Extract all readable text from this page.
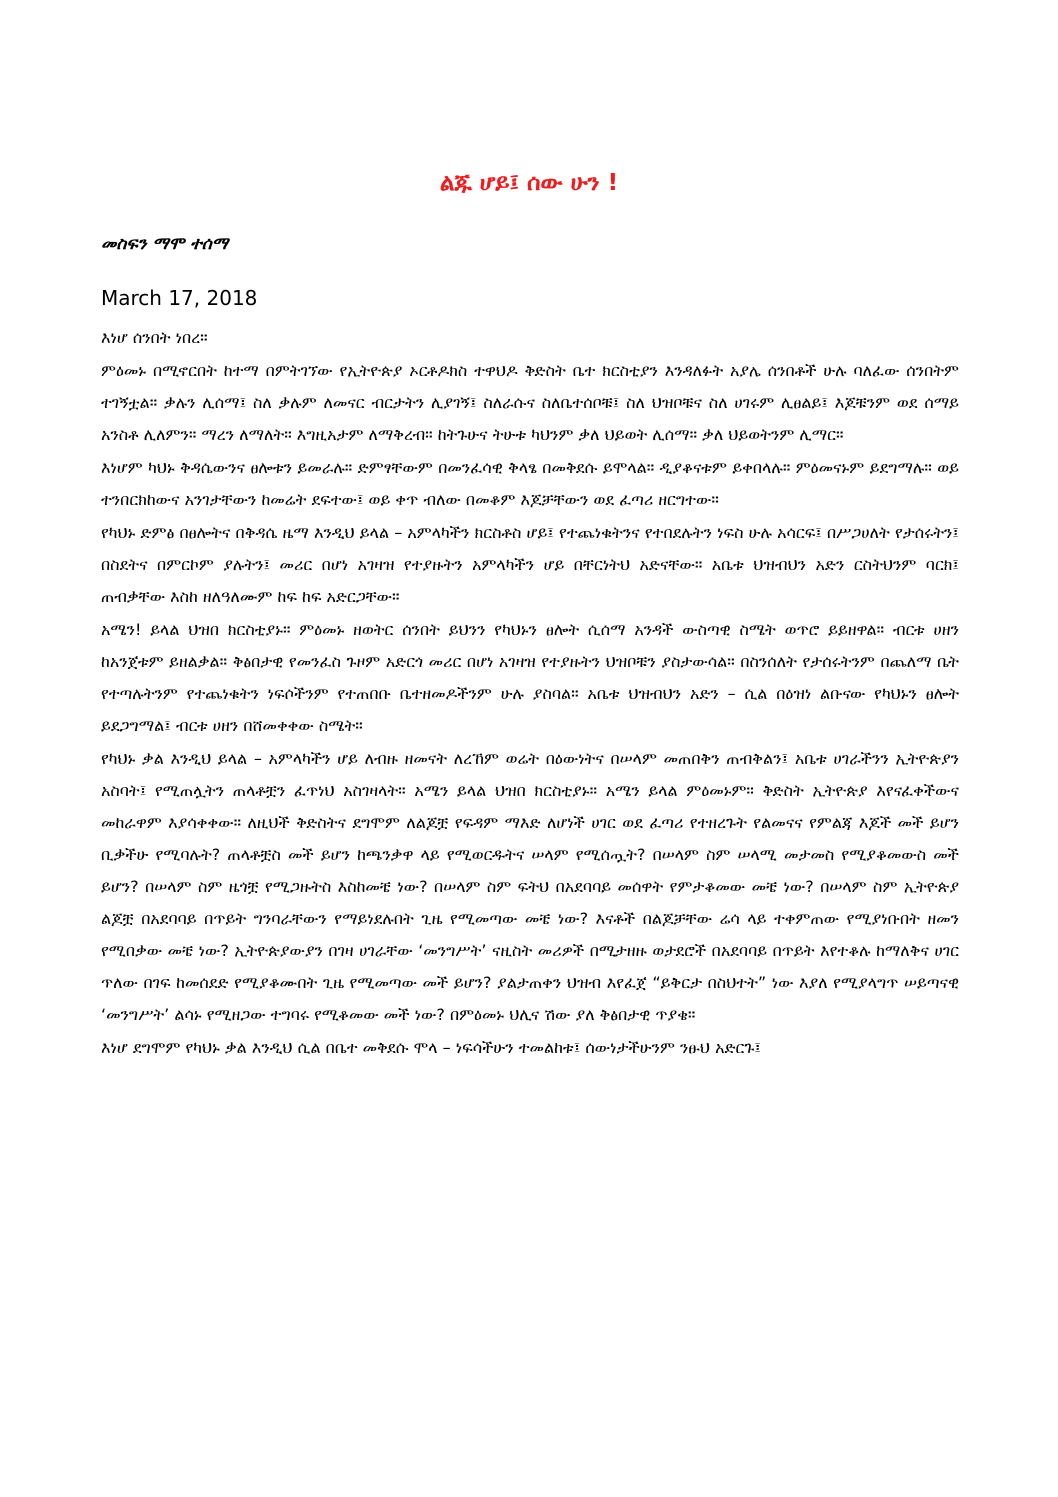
ልጁ ሆይ፤ ሰው ሁን !
መስፍን ማሞ ተሰማ
March 17, 2018

እነሆ ሰንበት ነበረ።

ምዕመኑ በሚኖርበት ከተማ በምትገኘው የኢትዮጵያ ኦርቶዶክስ ተዋህዶ ቅድስት ቤተ ክርስቲያን እንዳለፉት አያሌ ሰንበቶች ሁሉ ባለፈው ሰንበትም ተገኝቷል። ቃሉን ሊሰማ፤ ስለ ቃሉም ለመናር ብርታትን ሊያገኝ፤ ስለራሱና ስለቤተሰቦቹ፤ ስለ ህዝቦቹና ስለ ሀገሩም ሊፀልይ፤ እጆቹንም ወደ ሰማይ አንስቶ ሊለምን። ማረን ለማለት። እግዚአታም ለማቅረብ። ከትጉሁና ትሁቱ ካህንም ቃለ ህይወት ሊሰማ። ቃለ ህይወትንም ሊማር።

እነሆም ካህኑ ቅዳሴውንና ፀሎቱን ይመራሉ። ድምፃቸውም በመንፈሳዊ ቅላፄ በመቅደሱ ይሞላል። ዲያቆናቱም ይቀበላሉ። ምዕመናኑም ይደግማሉ። ወይ ተንበርክከውና አንገታቸውን ከመሬት ደፍተው፤ ወይ ቀጥ ብለው በመቆም እጆቻቸውን ወደ ፈጣሪ ዘርግተው።

የካህኑ ድምፅ በፀሎትና በቅዳሴ ዜማ እንዲህ ይላል – አምላካችን ክርስቶስ ሆይ፤ የተጨነቁትንና የተበደሉትን ነፍስ ሁሉ አሳርፍ፤ በሥጋሀለት የታሰሩትን፤ በስደትና በምርኮም ያሉትን፤ መሪር በሆነ አገዛዝ የተያዙትን አምላካችን ሆይ በቸርነትህ አድናቸው። አቤቱ ህዝብህን አድን ርስትህንም ባርክ፤ ጠብቃቸው እስከ ዘለዓለሙም ከፍ ከፍ አድርጋቸው።

አሜን! ይላል ህዝበ ክርስቲያኑ። ምዕመኑ ዘወትር ሰንበት ይህንን የካህኑን ፀሎት ሲሰማ አንዳች ውስጣዊ ስሜት ወጥሮ ይይዘዋል። ብርቱ ሀዘን ከአንጀቱም ይዘልቃል። ቅፅበታዊ የመንፈስ ጉዞም አድርጎ መሪር በሆነ አገዛዝ የተያዙትን ህዝቦቹን ያስታውሳል። በስንሰለት የታሰሩትንም በጨለማ ቤት የተጣሉትንም የተጨነቁትን ነፍሶችንም የተጠበቡ ቤተዘመዶችንም ሁሉ ያስባል። አቤቱ ህዝብህን አድን – ሲል በዕዝነ ልቡናው የካህኑን ፀሎት ይደጋግማል፤ ብርቱ ሀዘን በሸመቀቀው ስሜት።

የካህኑ ቃል እንዲህ ይላል – አምላካችን ሆይ ለብዙ ዘመናት ለረኸም ወሬት በዕውነትና በሠላም መጠበቅን ጠብቅልን፤ አቤቱ ሀገራችንን ኢትዮጵያን አስባት፤ የሚጠሏትን ጠላቶቿን ፈጥነህ አስገዛላት። አሜን ይላል ህዝበ ክርስቲያኑ። አሜን ይላል ምዕመኑም። ቅድስት ኢትዮጵያ እየናፈቀችውና መከራዋም እያሳቀቀው። ለዚህች ቅድስትና ደግሞም ለልጆቿ የፍዳም ማእድ ለሆነች ሀገር ወደ ፈጣሪ የተዘረጉት የልመናና የምልጃ እጆች መች ይሆን ቢቃችሁ የሚባሉት? ጠላቶቿስ መች ይሆን ከጫንቃዋ ላይ የሚወርዱትና ሠላም የሚሰጧት? በሠላም ስም ሠላሚ መታመስ የሚያቆመውስ መች ይሆን? በሠላም ስም ዜጎቿ የሚጋዙትስ እስከመቼ ነው? በሠላም ስም ፍትህ በአደባባይ መሰዋት የምታቆመው መቼ ነው? በሠላም ስም ኢትዮጵያ ልጆቿ በአደባባይ በጥይት ግንባራቸውን የማይነደሉበት ጊዜ የሚመጣው መቼ ነው? እናቶች በልጆቻቸው ሬሳ ላይ ተቀምጠው የሚያነቡበት ዘመን የሚበቃው መቼ ነው? ኢትዮጵያውያን በገዛ ሀገራቸው ‘መንግሥት’ ናዚስት መሪዎች በሚታዘዙ ወታደሮች በአደባባይ በጥይት እየተቆሉ ከማለቅና ሀገር ጥለው በገፍ ከመሰደድ የሚያቆሙበት ጊዜ የሚመጣው መች ይሆን? ያልታጠቀን ህዝብ እየፈጀ “ይቅርታ በስህተት” ነው እያለ የሚያላግጥ ሠይጣናዊ ‘መንግሥት’ ልሳኑ የሚዘጋው ተግባሩ የሚቆመው መች ነው? በምዕመኑ ህሊና ሽው ያለ ቅፅበታዊ ጥያቄ።

እነሆ ደግሞም የካህኑ ቃል እንዲህ ሲል በቤተ መቅደሱ ሞላ – ነፍሳችሁን ተመልከቱ፤ ሰውነታችሁንም ንፁህ አድርጉ፤
